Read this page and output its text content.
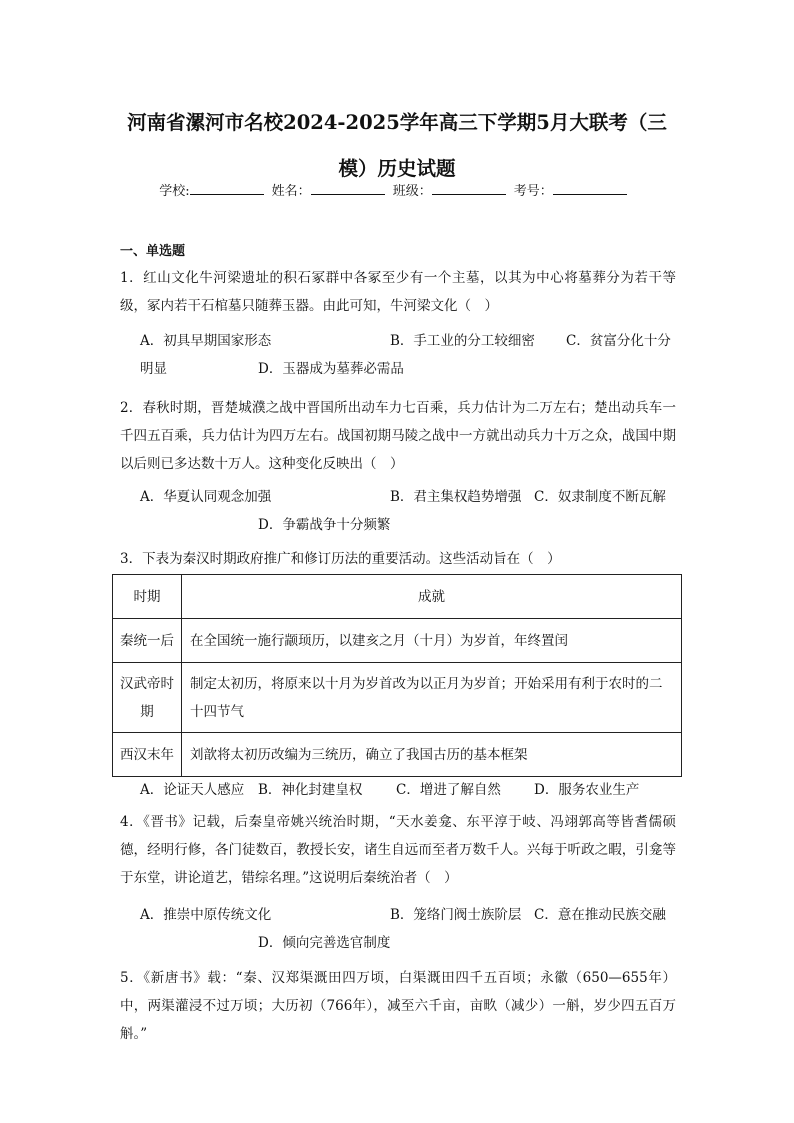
河南省漯河市名校2024-2025学年高三下学期5月大联考（三
模）历史试题
学校:	姓名：	班级：	考号：
一、单选题
1．红山文化牛河梁遗址的积石冢群中各冢至少有一个主墓，以其为中心将墓葬分为若干等级，冢内若干石棺墓只随葬玉器。由此可知，牛河梁文化（　）
A．初具早期国家形态	B．手工业的分工较细密 C．贫富分化十分
明显	D．玉器成为墓葬必需品
2．春秋时期，晋楚城濮之战中晋国所出动车力七百乘，兵力估计为二万左右；楚出动兵车一千四五百乘，兵力估计为四万左右。战国初期马陵之战中一方就出动兵力十万之众，战国中期以后则已多达数十万人。这种变化反映出（　）
A．华夏认同观念加强	B．君主集权趋势增强 C．奴隶制度不断瓦解
D．争霸战争十分频繁
3．下表为秦汉时期政府推广和修订历法的重要活动。这些活动旨在（　）
时期	成就
秦统一后	在全国统一施行颛顼历，以建亥之月（十月）为岁首，年终置闰
汉武帝时期	制定太初历，将原来以十月为岁首改为以正月为岁首；开始采用有利于农时的二十四节气
西汉末年	刘歆将太初历改编为三统历，确立了我国古历的基本框架
A．论证天人感应 B．神化封建皇权 C．增进了解自然 D．服务农业生产
4．《晋书》记载，后秦皇帝姚兴统治时期，“天水姜龛、东平淳于岐、冯翊郭高等皆耆儒硕德，经明行修，各门徒数百，教授长安，诸生自远而至者万数千人。兴每于听政之暇，引龛等于东堂，讲论道艺，错综名理。”这说明后秦统治者（　）
A．推崇中原传统文化	B．笼络门阀士族阶层 C．意在推动民族交融
D．倾向完善选官制度
5．《新唐书》载：“秦、汉郑渠溉田四万顷，白渠溉田四千五百顷；永徽（650—655年）中，两渠灌浸不过万顷；大历初（766年），减至六千亩，亩畂（减少）一斛，岁少四五百万斛。”
